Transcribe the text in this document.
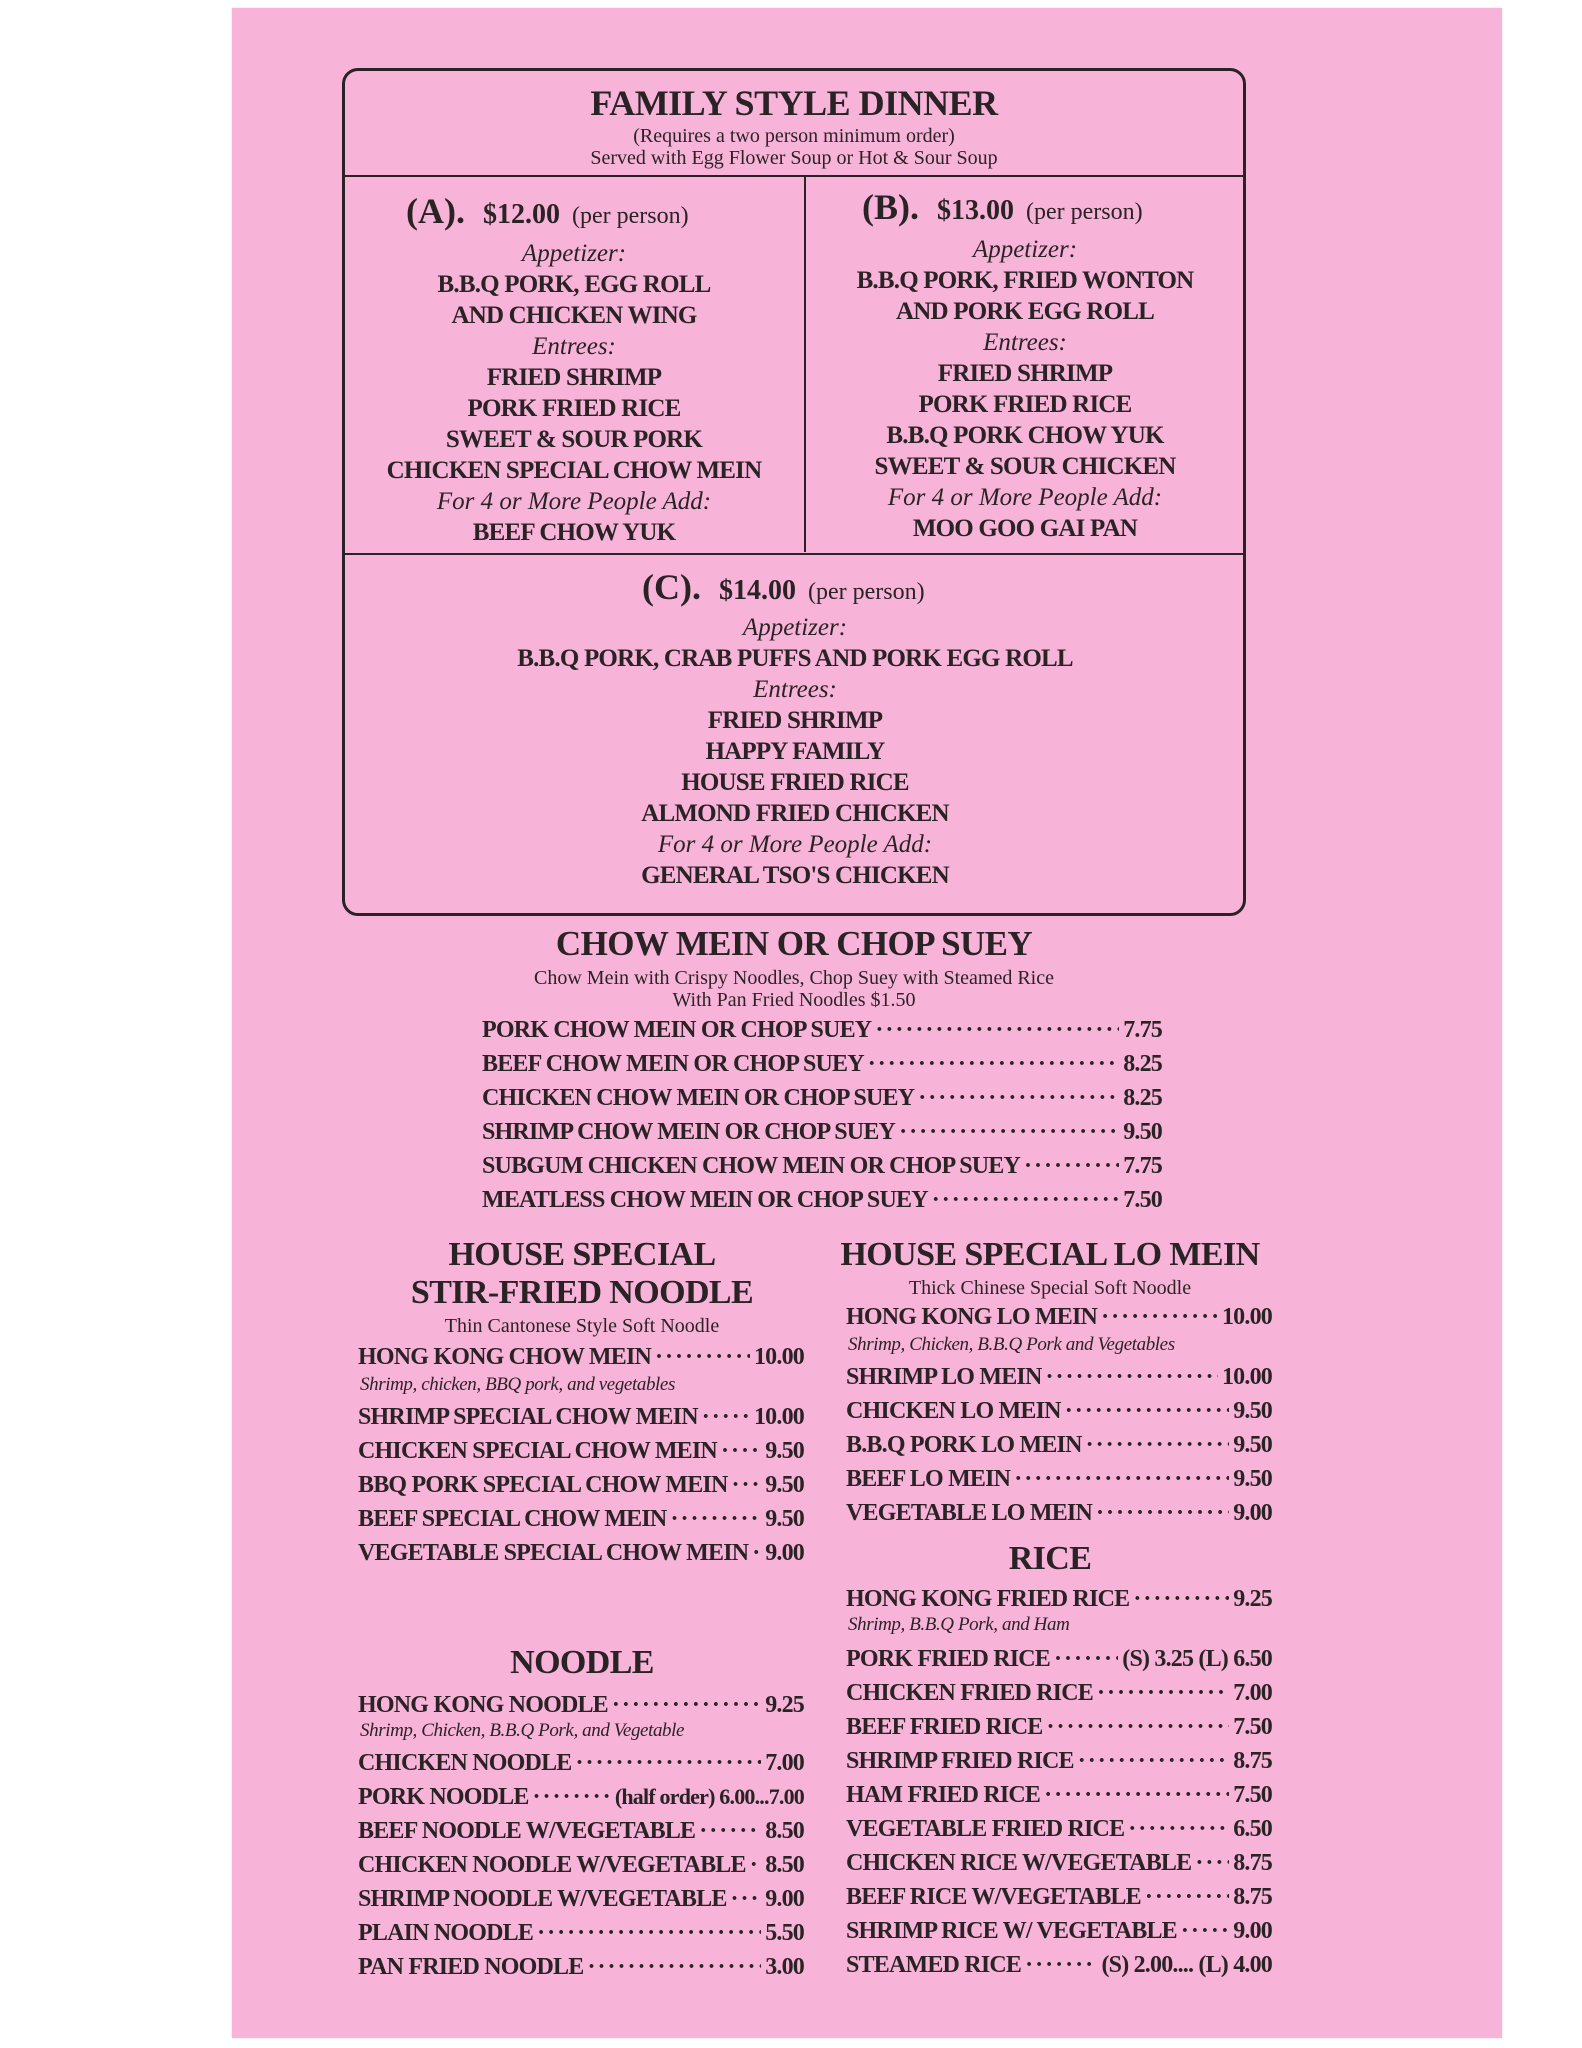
FAMILY STYLE DINNER
(Requires a two person minimum order)
Served with Egg Flower Soup or Hot & Sour Soup
(A). $12.00 (per person)
Appetizer:
B.B.Q PORK, EGG ROLL
AND CHICKEN WING
Entrees:
FRIED SHRIMP
PORK FRIED RICE
SWEET & SOUR PORK
CHICKEN SPECIAL CHOW MEIN
For 4 or More People Add:
BEEF CHOW YUK
(B). $13.00 (per person)
Appetizer:
B.B.Q PORK, FRIED WONTON
AND PORK EGG ROLL
Entrees:
FRIED SHRIMP
PORK FRIED RICE
B.B.Q PORK CHOW YUK
SWEET & SOUR CHICKEN
For 4 or More People Add:
MOO GOO GAI PAN
(C). $14.00 (per person)
Appetizer:
B.B.Q PORK, CRAB PUFFS AND PORK EGG ROLL
Entrees:
FRIED SHRIMP
HAPPY FAMILY
HOUSE FRIED RICE
ALMOND FRIED CHICKEN
For 4 or More People Add:
GENERAL TSO'S CHICKEN
CHOW MEIN OR CHOP SUEY
Chow Mein with Crispy Noodles, Chop Suey with Steamed Rice
With Pan Fried Noodles $1.50
PORK CHOW MEIN OR CHOP SUEY ·····	7.75
BEEF CHOW MEIN OR CHOP SUEY ·····	8.25
CHICKEN CHOW MEIN OR CHOP SUEY ·····	8.25
SHRIMP CHOW MEIN OR CHOP SUEY ·····	9.50
SUBGUM CHICKEN CHOW MEIN OR CHOP SUEY ·····	7.75
MEATLESS CHOW MEIN OR CHOP SUEY ·····	7.50
HOUSE SPECIAL
STIR-FRIED NOODLE
Thin Cantonese Style Soft Noodle
HONG KONG CHOW MEIN ·····	10.00
Shrimp, chicken, BBQ pork, and vegetables
SHRIMP SPECIAL CHOW MEIN ····· 10.00
CHICKEN SPECIAL CHOW MEIN ····· 9.50
BBQ PORK SPECIAL CHOW MEIN ····· 9.50
BEEF SPECIAL CHOW MEIN ·····	9.50
VEGETABLE SPECIAL CHOW MEIN ····· 9.00
NOODLE
HONG KONG NOODLE ·····	9.25
Shrimp, Chicken, B.B.Q Pork, and Vegetable
CHICKEN NOODLE ·····	7.00
PORK NOODLE ·····	(half order) 6.00...7.00
BEEF NOODLE W/VEGETABLE ·····	8.50
CHICKEN NOODLE W/VEGETABLE ····· 8.50
SHRIMP NOODLE W/VEGETABLE ····· 9.00
PLAIN NOODLE ·····	5.50
PAN FRIED NOODLE ·····	3.00
HOUSE SPECIAL LO MEIN
Thick Chinese Special Soft Noodle
HONG KONG LO MEIN ·····	10.00
Shrimp, Chicken, B.B.Q Pork and Vegetables
SHRIMP LO MEIN ·····	10.00
CHICKEN LO MEIN ·····	9.50
B.B.Q PORK LO MEIN ·····	9.50
BEEF LO MEIN ·····	9.50
VEGETABLE LO MEIN ·····	9.00
RICE
HONG KONG FRIED RICE ·····	9.25
Shrimp, B.B.Q Pork, and Ham
PORK FRIED RICE ·····	(S) 3.25 (L) 6.50
CHICKEN FRIED RICE ·····	7.00
BEEF FRIED RICE ·····	7.50
SHRIMP FRIED RICE ·····	8.75
HAM FRIED RICE ·····	7.50
VEGETABLE FRIED RICE ·····	6.50
CHICKEN RICE W/VEGETABLE ····· 8.75
BEEF RICE W/VEGETABLE ·····	8.75
SHRIMP RICE W/ VEGETABLE ····· 9.00
STEAMED RICE ·····	(S) 2.00.... (L) 4.00
